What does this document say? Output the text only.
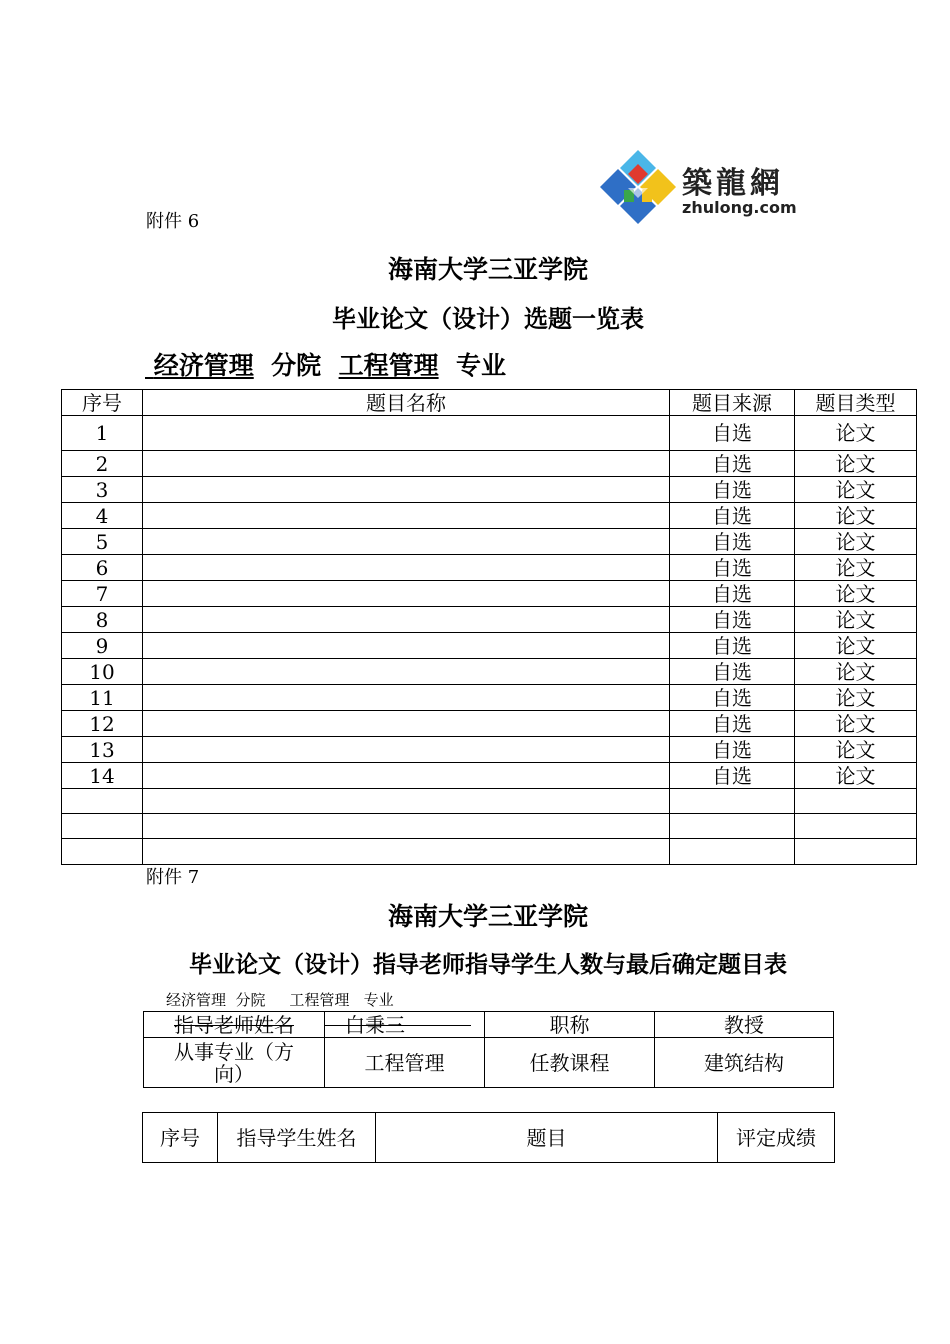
築龍網
zhulong.com
附件 6
海南大学三亚学院
毕业论文（设计）选题一览表
经济管理 分院 工程管理 专业
序号	题目名称	题目来源	题目类型
1		自选	论文
2		自选	论文
3		自选	论文
4		自选	论文
5		自选	论文
6		自选	论文
7		自选	论文
8		自选	论文
9		自选	论文
10		自选	论文
11		自选	论文
12		自选	论文
13		自选	论文
14		自选	论文

附件 7
海南大学三亚学院
毕业论文（设计）指导老师指导学生人数与最后确定题目表
经济管理  分院     工程管理   专业
指导老师姓名	白秉三	职称	教授
从事专业（方向）	工程管理	任教课程	建筑结构
序号	指导学生姓名	题目	评定成绩
